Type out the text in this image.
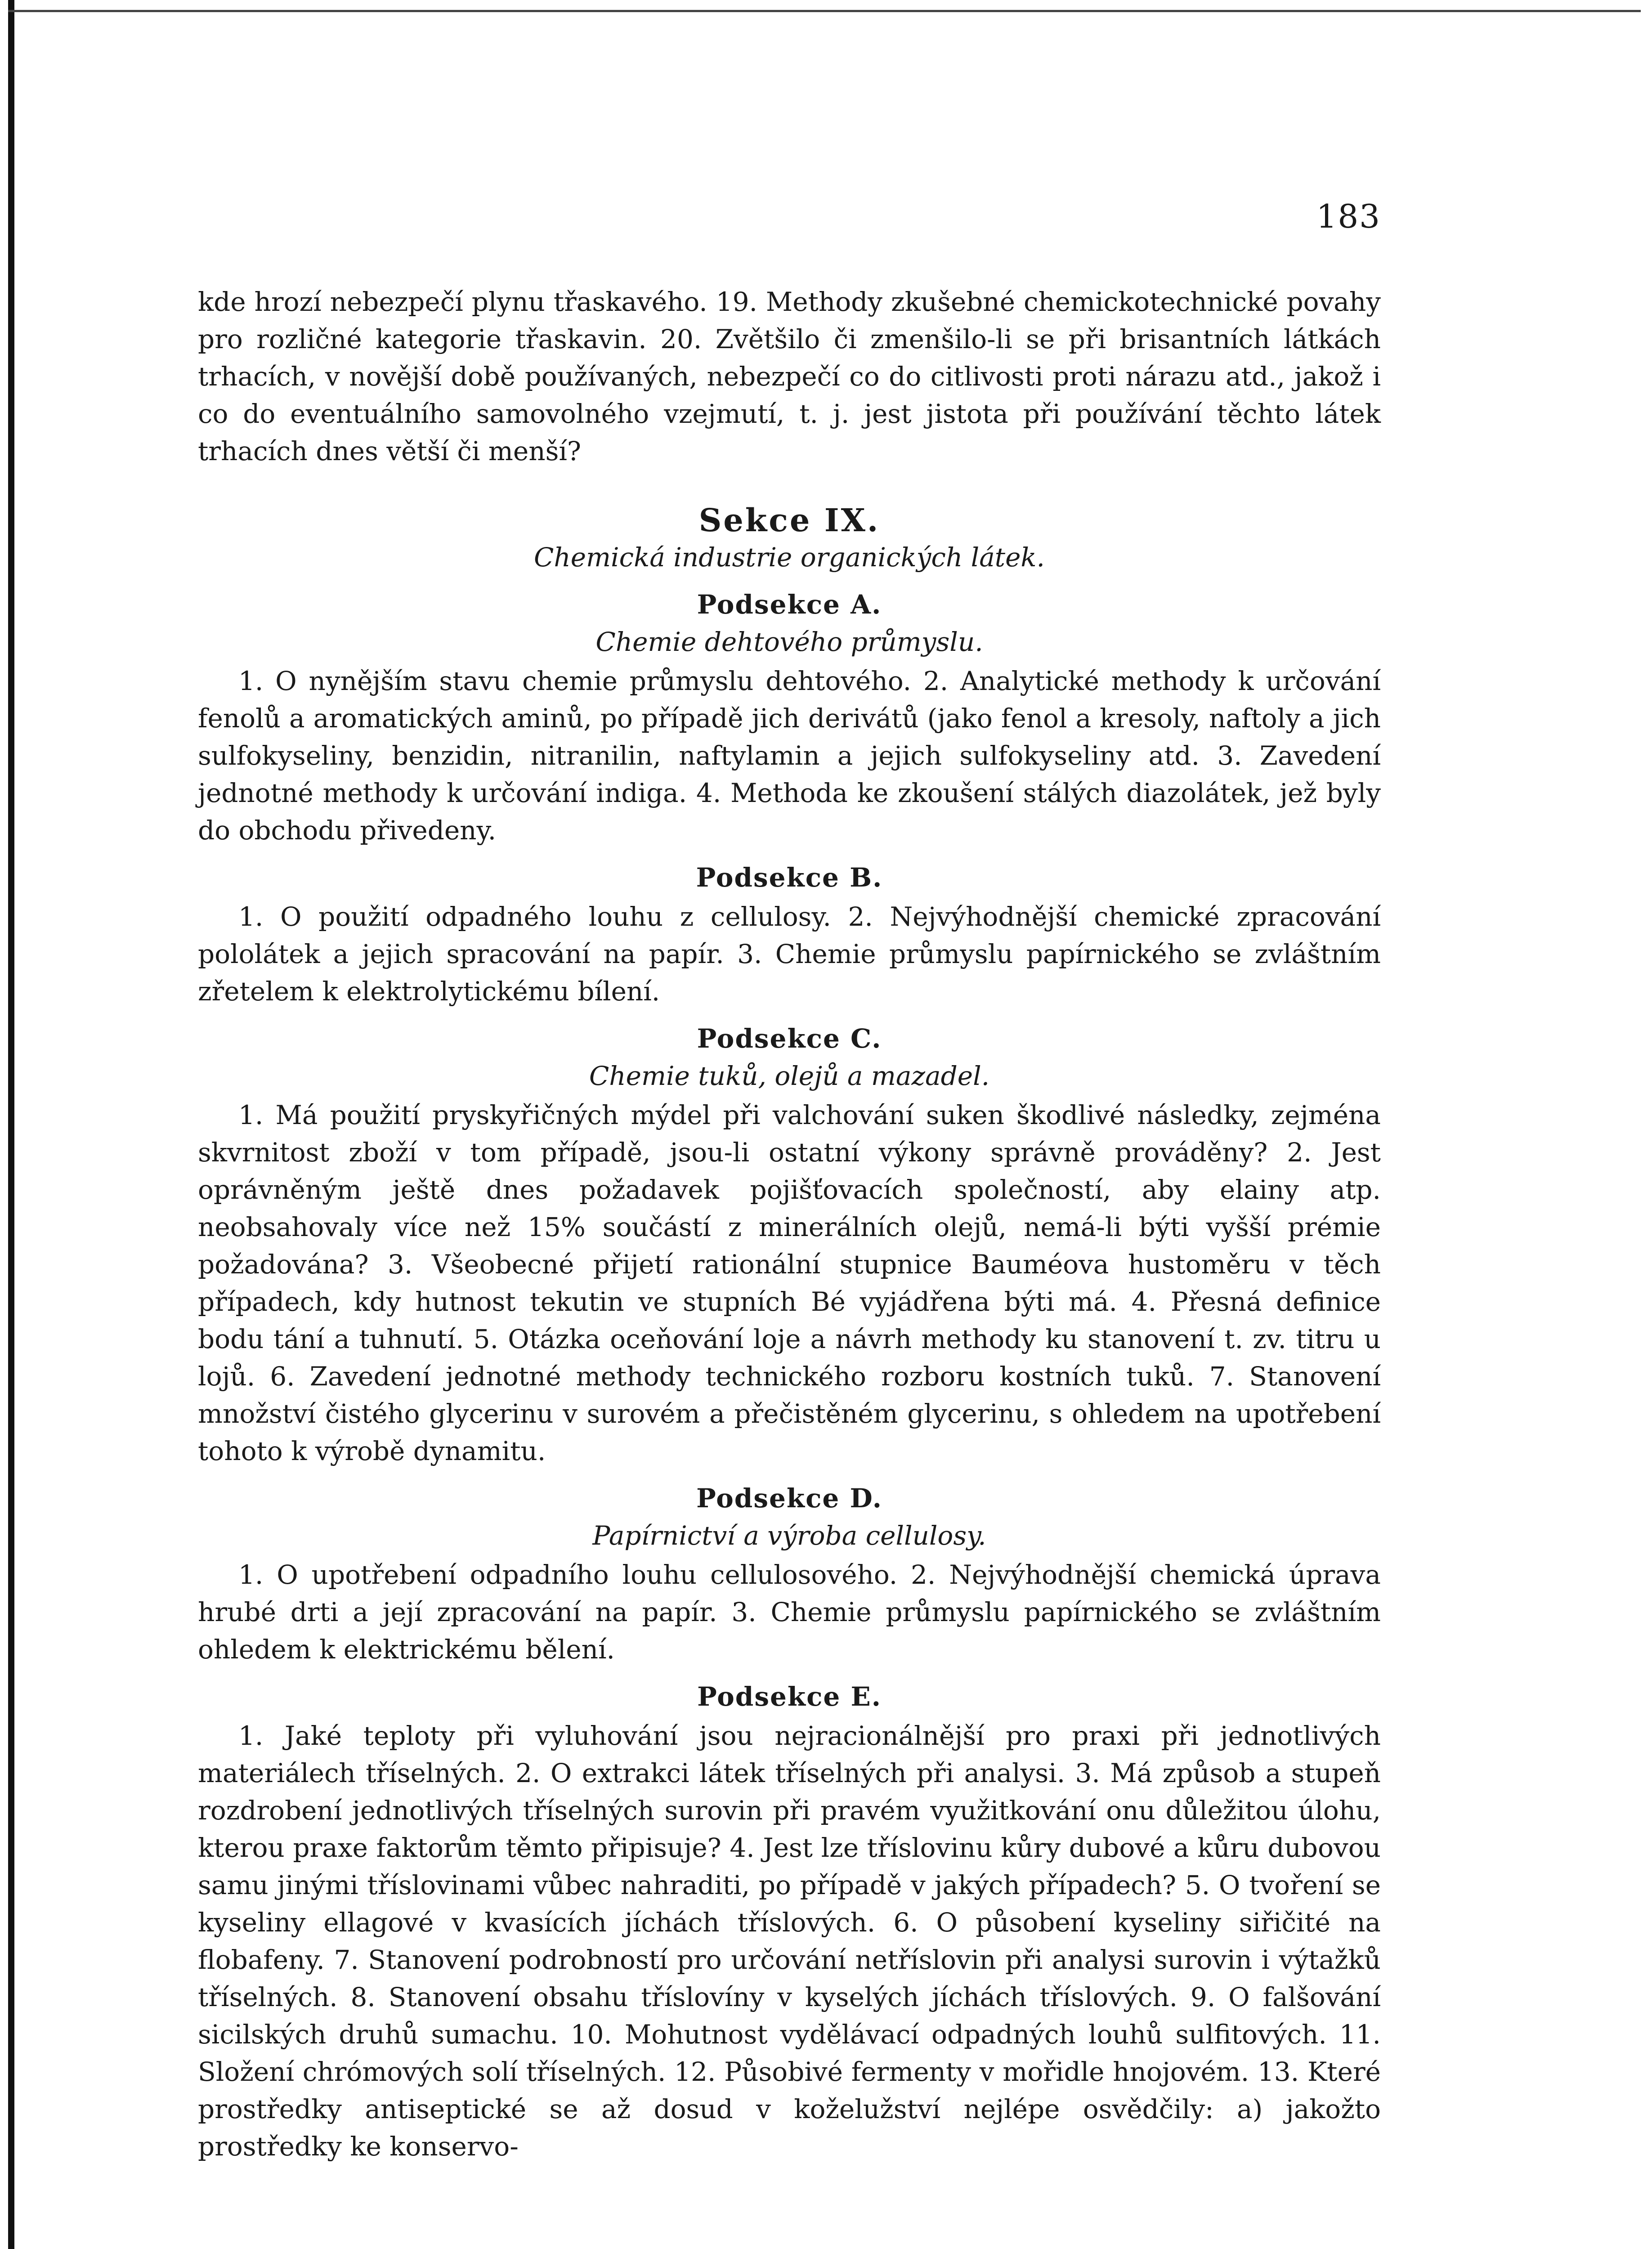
183

kde hrozí nebezpečí plynu třaskavého. 19. Methody zkušebné chemickotechnické povahy pro rozličné kategorie třaskavin. 20. Zvětšilo či zmenšilo-li se při brisantních látkách trhacích, v novější době používaných, nebezpečí co do citlivosti proti nárazu atd., jakož i co do eventuálního samovolného vzejmutí, t. j. jest jistota při používání těchto látek trhacích dnes větší či menší?

Sekce IX.

Chemická industrie organických látek.

Podsekce A.

Chemie dehtového průmyslu.

1. O nynějším stavu chemie průmyslu dehtového. 2. Analytické methody k určování fenolů a aromatických aminů, po případě jich derivátů (jako fenol a kresoly, naftoly a jich sulfokyseliny, benzidin, nitranilin, naftylamin a jejich sulfokyseliny atd. 3. Zavedení jednotné methody k určování indiga. 4. Methoda ke zkoušení stálých diazolátek, jež byly do obchodu přivedeny.

Podsekce B.

1. O použití odpadného louhu z cellulosy. 2. Nejvýhodnější chemické zpracování pololátek a jejich spracování na papír. 3. Chemie průmyslu papírnického se zvláštním zřetelem k elektrolytickému bílení.

Podsekce C.

Chemie tuků, olejů a mazadel.

1. Má použití pryskyřičných mýdel při valchování suken škodlivé následky, zejména skvrnitost zboží v tom případě, jsou-li ostatní výkony správně prováděny? 2. Jest oprávněným ještě dnes požadavek pojišťovacích společností, aby elainy atp. neobsahovaly více než 15% součástí z minerálních olejů, nemá-li býti vyšší prémie požadována? 3. Všeobecné přijetí rationální stupnice Bauméova hustoměru v těch případech, kdy hutnost tekutin ve stupních Bé vyjádřena býti má. 4. Přesná definice bodu tání a tuhnutí. 5. Otázka oceňování loje a návrh methody ku stanovení t. zv. titru u lojů. 6. Zavedení jednotné methody technického rozboru kostních tuků. 7. Stanovení množství čistého glycerinu v surovém a přečistěném glycerinu, s ohledem na upotřebení tohoto k výrobě dynamitu.

Podsekce D.

Papírnictví a výroba cellulosy.

1. O upotřebení odpadního louhu cellulosového. 2. Nejvýhodnější chemická úprava hrubé drti a její zpracování na papír. 3. Chemie průmyslu papírnického se zvláštním ohledem k elektrickému bělení.

Podsekce E.

1. Jaké teploty při vyluhování jsou nejracionálnější pro praxi při jednotlivých materiálech tříselných. 2. O extrakci látek tříselných při analysi. 3. Má způsob a stupeň rozdrobení jednotlivých tříselných surovin při pravém využitkování onu důležitou úlohu, kterou praxe faktorům těmto připisuje? 4. Jest lze tříslovinu kůry dubové a kůru dubovou samu jinými tříslovinami vůbec nahraditi, po případě v jakých případech? 5. O tvoření se kyseliny ellagové v kvasících jíchách tříslových. 6. O působení kyseliny siřičité na flobafeny. 7. Stanovení podrobností pro určování netříslovin při analysi surovin i výtažků tříselných. 8. Stanovení obsahu tříslovíny v kyselých jíchách tříslových. 9. O falšování sicilských druhů sumachu. 10. Mohutnost vydělávací odpadných louhů sulfitových. 11. Složení chrómových solí tříselných. 12. Působivé fermenty v mořidle hnojovém. 13. Které prostředky antiseptické se až dosud v koželužství nejlépe osvědčily: a) jakožto prostředky ke konservo-
